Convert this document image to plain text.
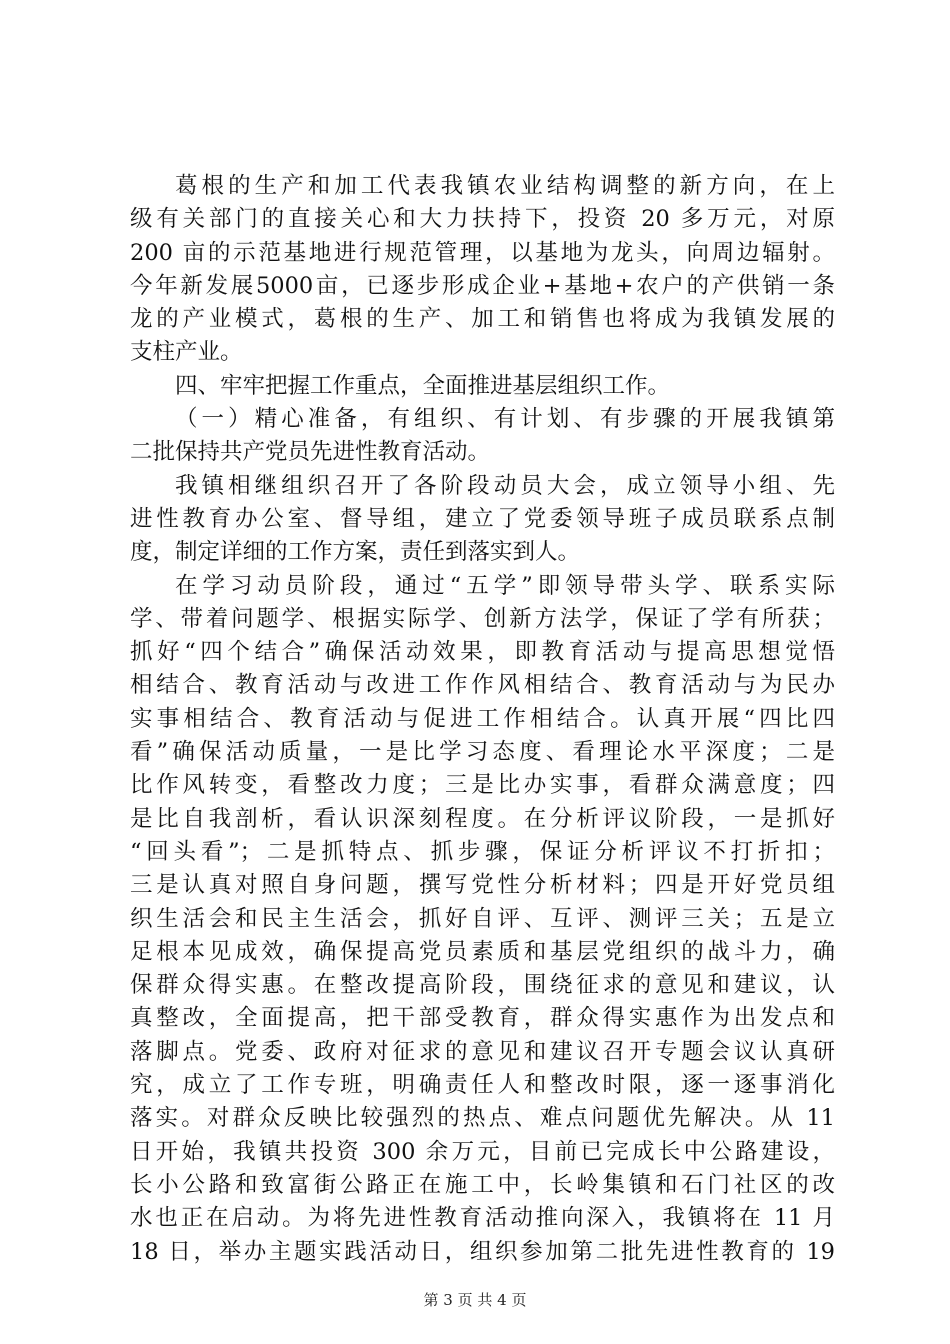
葛根的生产和加工代表我镇农业结构调整的新方向，在上
级有关部门的直接关心和大力扶持下，投资 20 多万元，对原
200 亩的示范基地进行规范管理，以基地为龙头，向周边辐射。
今年新发展5000亩，已逐步形成企业+基地+农户的产供销一条
龙的产业模式，葛根的生产、加工和销售也将成为我镇发展的
支柱产业。
四、牢牢把握工作重点，全面推进基层组织工作。
（一）精心准备，有组织、有计划、有步骤的开展我镇第
二批保持共产党员先进性教育活动。
我镇相继组织召开了各阶段动员大会，成立领导小组、先
进性教育办公室、督导组，建立了党委领导班子成员联系点制
度，制定详细的工作方案，责任到落实到人。
在学习动员阶段，通过“五学”即领导带头学、联系实际
学、带着问题学、根据实际学、创新方法学，保证了学有所获；
抓好“四个结合”确保活动效果，即教育活动与提高思想觉悟
相结合、教育活动与改进工作作风相结合、教育活动与为民办
实事相结合、教育活动与促进工作相结合。认真开展“四比四
看”确保活动质量，一是比学习态度、看理论水平深度；二是
比作风转变，看整改力度；三是比办实事，看群众满意度；四
是比自我剖析，看认识深刻程度。在分析评议阶段，一是抓好
“回头看”；二是抓特点、抓步骤，保证分析评议不打折扣；
三是认真对照自身问题，撰写党性分析材料；四是开好党员组
织生活会和民主生活会，抓好自评、互评、测评三关；五是立
足根本见成效，确保提高党员素质和基层党组织的战斗力，确
保群众得实惠。在整改提高阶段，围绕征求的意见和建议，认
真整改，全面提高，把干部受教育，群众得实惠作为出发点和
落脚点。党委、政府对征求的意见和建议召开专题会议认真研
究，成立了工作专班，明确责任人和整改时限，逐一逐事消化
落实。对群众反映比较强烈的热点、难点问题优先解决。从 11
日开始，我镇共投资 300 余万元，目前已完成长中公路建设，
长小公路和致富街公路正在施工中，长岭集镇和石门社区的改
水也正在启动。为将先进性教育活动推向深入，我镇将在 11 月
18 日，举办主题实践活动日，组织参加第二批先进性教育的 19
第 3 页 共 4 页
